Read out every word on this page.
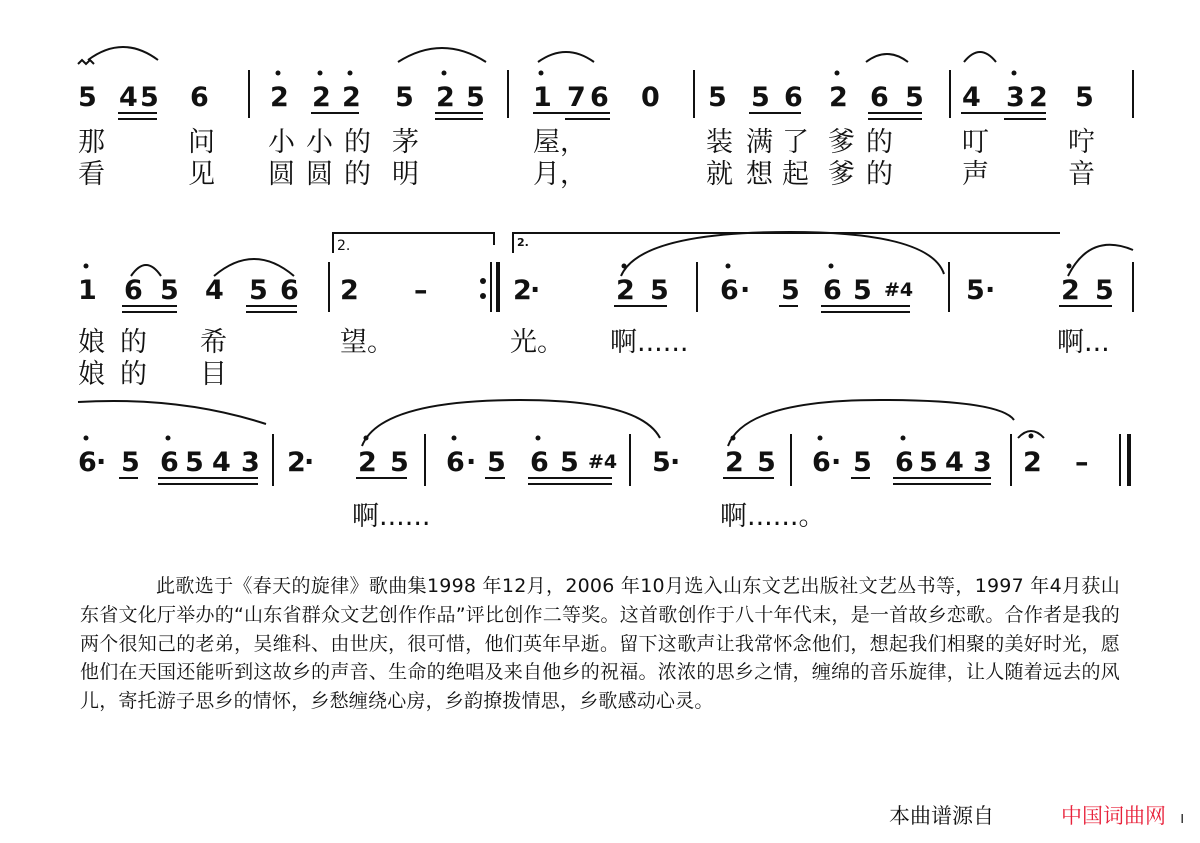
5 4 5 6 2 2 2 5 2 5 1 7 6 0 5 5 6 2 6 5 4 3 2 5
那	问 小 小 的 茅	屋，	装 满 了 爹 的	叮	咛
看	见 圆 圆 的 明	月，	就 想 起 爹 的	声	音
2.	2.
1 6 5 4 5 6 2 –	2
·	2 5 6 · 5 6 5 #4 5 · 2 5
娘 的 希	望。	光。 啊......	啊...
娘 的 目
6 · 5 6 5 4 3 2
· 2 5 6 · 5 6 5 #4 5 · 2 5 6 · 5 6 5 4 3 2 –
啊......	啊......。

此歌选于《春天的旋律》歌曲集1998 年12月，2006 年10月选入山东文艺出版社文艺丛书等，1997 年4月获山东省文化厅举办的“山东省群众文艺创作作品”评比创作二等奖。这首歌创作于八十年代末，是一首故乡恋歌。合作者是我的两个很知己的老弟，吴维科、由世庆，很可惜，他们英年早逝。留下这歌声让我常怀念他们，想起我们相聚的美好时光，愿他们在天国还能听到这故乡的声音、生命的绝唱及来自他乡的祝福。浓浓的思乡之情，缠绵的音乐旋律，让人随着远去的风儿，寄托游子思乡的情怀，乡愁缠绕心房，乡韵撩拨情思，乡歌感动心灵。

本曲谱源自	中国词曲网 ı
